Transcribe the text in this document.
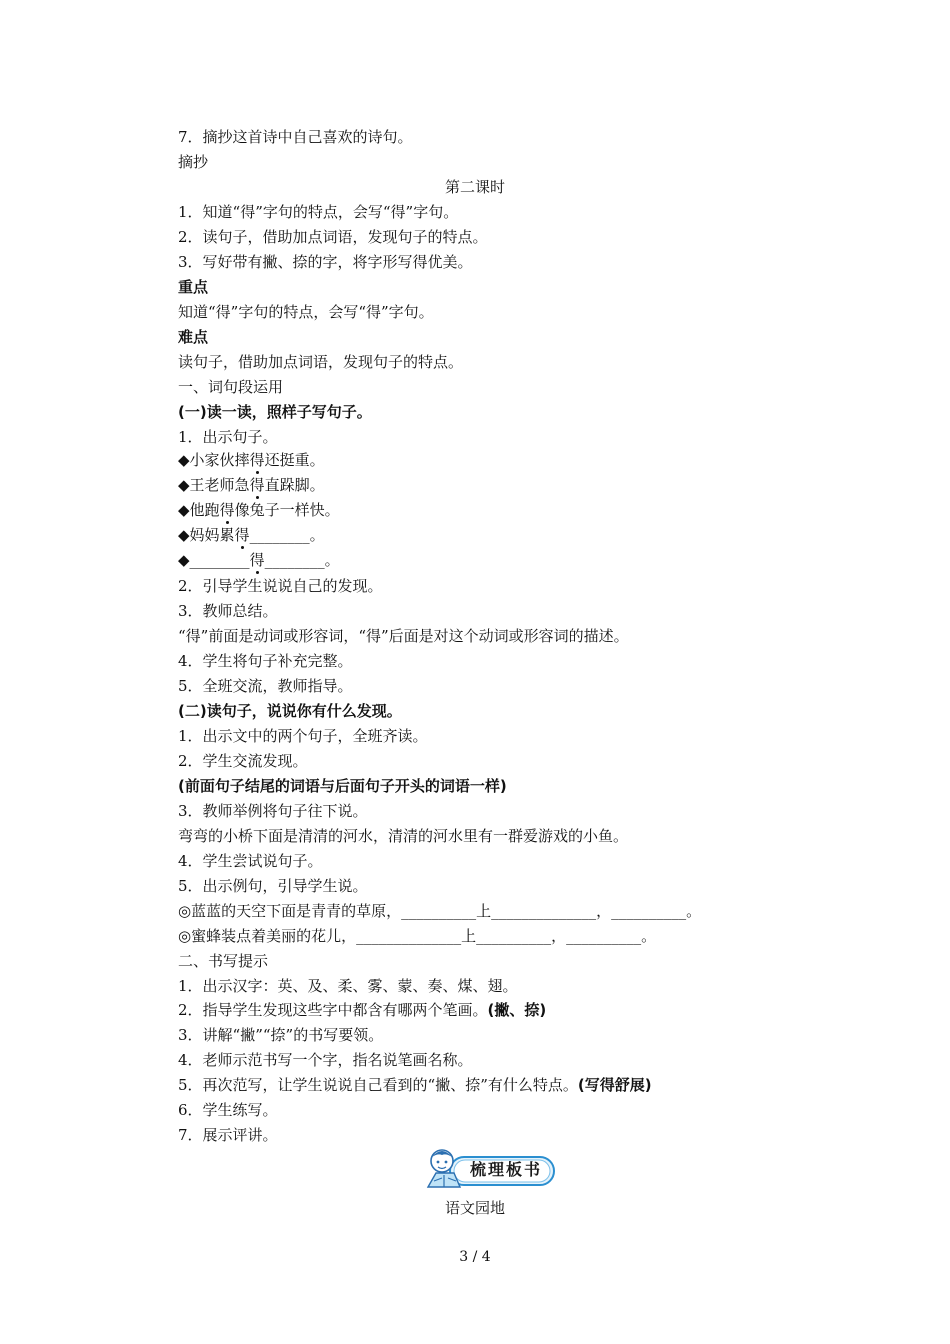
7．摘抄这首诗中自己喜欢的诗句。
摘抄
第二课时
1．知道“得”字句的特点，会写“得”字句。
2．读句子，借助加点词语，发现句子的特点。
3．写好带有撇、捺的字，将字形写得优美。
重点
知道“得”字句的特点，会写“得”字句。
难点
读句子，借助加点词语，发现句子的特点。
一、词句段运用
(一)读一读，照样子写句子。
1．出示句子。
◆小家伙摔得还挺重。
◆王老师急得直跺脚。
◆他跑得像兔子一样快。
◆妈妈累得________。
◆________得________。
2．引导学生说说自己的发现。
3．教师总结。
“得”前面是动词或形容词，“得”后面是对这个动词或形容词的描述。
4．学生将句子补充完整。
5．全班交流，教师指导。
(二)读句子，说说你有什么发现。
1．出示文中的两个句子，全班齐读。
2．学生交流发现。
(前面句子结尾的词语与后面句子开头的词语一样)
3．教师举例将句子往下说。
弯弯的小桥下面是清清的河水，清清的河水里有一群爱游戏的小鱼。
4．学生尝试说句子。
5．出示例句，引导学生说。
◎蓝蓝的天空下面是青青的草原，__________上______________，__________。
◎蜜蜂装点着美丽的花儿，______________上__________，__________。
二、书写提示
1．出示汉字：英、及、柔、雾、蒙、奏、煤、翅。
2．指导学生发现这些字中都含有哪两个笔画。(撇、捺)
3．讲解“撇”“捺”的书写要领。
4．老师示范书写一个字，指名说笔画名称。
5．再次范写，让学生说说自己看到的“撇、捺”有什么特点。(写得舒展)
6．学生练写。
7．展示评讲。
梳理板书
语文园地
3 / 4
